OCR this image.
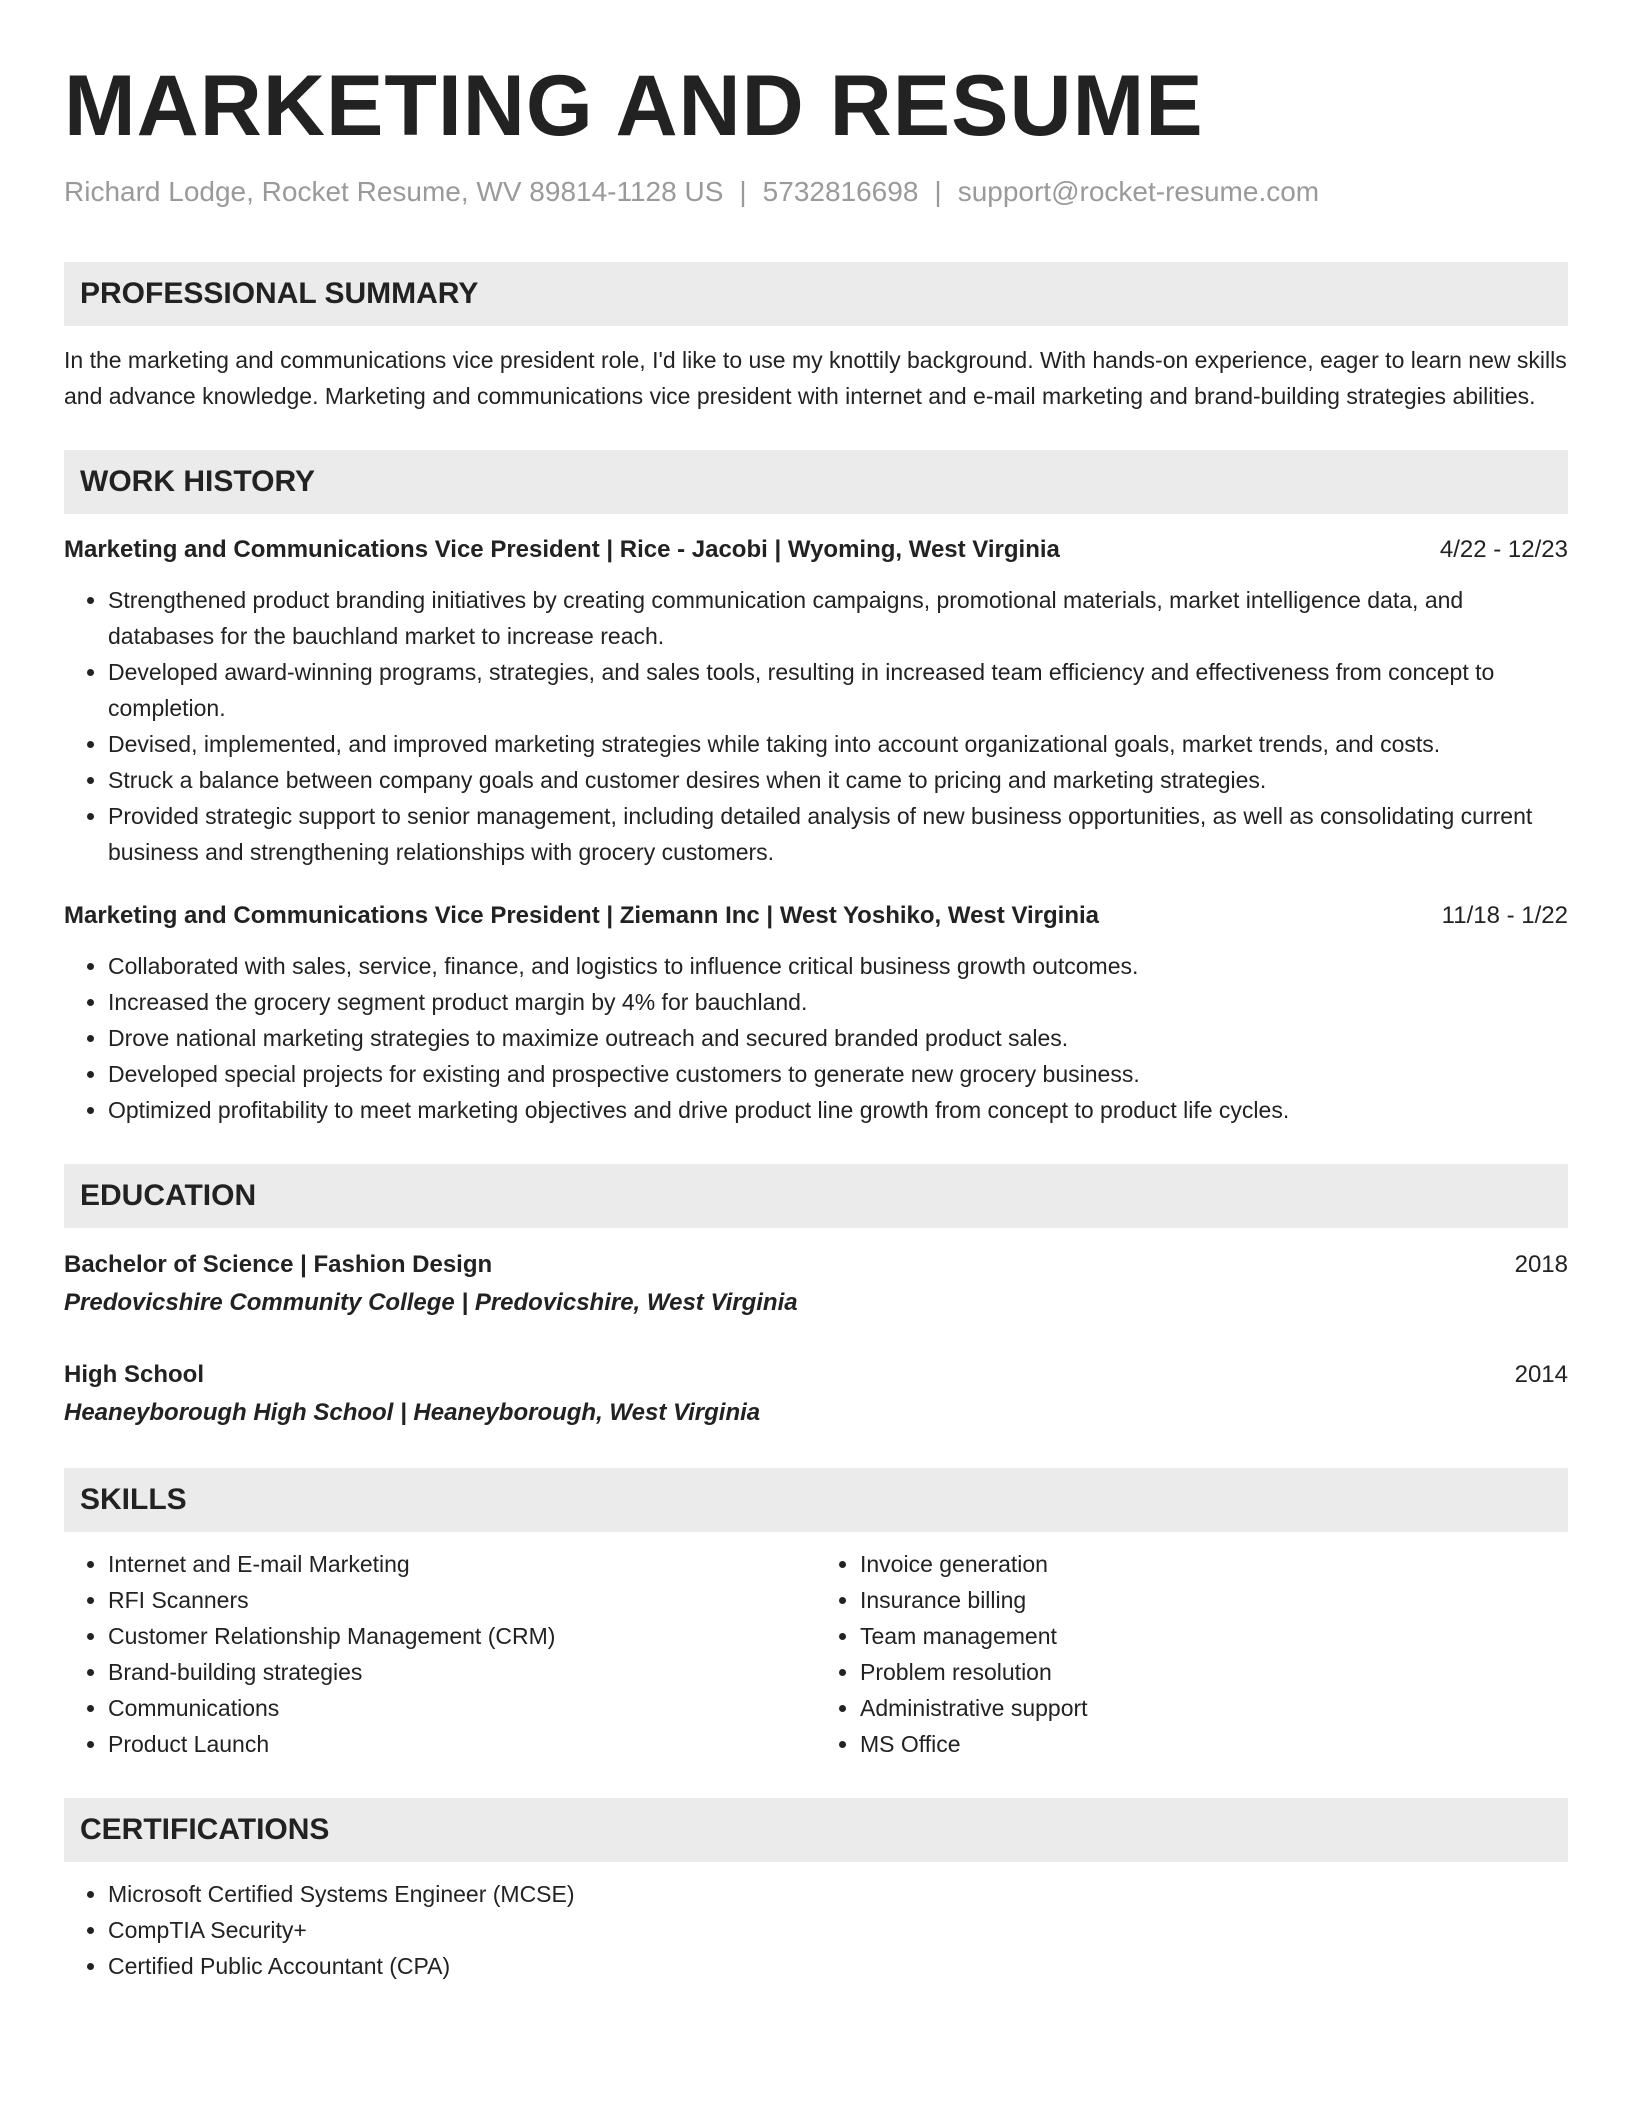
MARKETING AND RESUME
Richard Lodge, Rocket Resume, WV 89814-1128 US | 5732816698 | support@rocket-resume.com
PROFESSIONAL SUMMARY
In the marketing and communications vice president role, I'd like to use my knottily background. With hands-on experience, eager to learn new skills and advance knowledge. Marketing and communications vice president with internet and e-mail marketing and brand-building strategies abilities.
WORK HISTORY
Marketing and Communications Vice President | Rice - Jacobi | Wyoming, West Virginia	4/22 - 12/23
• Strengthened product branding initiatives by creating communication campaigns, promotional materials, market intelligence data, and databases for the bauchland market to increase reach.
• Developed award-winning programs, strategies, and sales tools, resulting in increased team efficiency and effectiveness from concept to completion.
• Devised, implemented, and improved marketing strategies while taking into account organizational goals, market trends, and costs.
• Struck a balance between company goals and customer desires when it came to pricing and marketing strategies.
• Provided strategic support to senior management, including detailed analysis of new business opportunities, as well as consolidating current business and strengthening relationships with grocery customers.
Marketing and Communications Vice President | Ziemann Inc | West Yoshiko, West Virginia	11/18 - 1/22
• Collaborated with sales, service, finance, and logistics to influence critical business growth outcomes.
• Increased the grocery segment product margin by 4% for bauchland.
• Drove national marketing strategies to maximize outreach and secured branded product sales.
• Developed special projects for existing and prospective customers to generate new grocery business.
• Optimized profitability to meet marketing objectives and drive product line growth from concept to product life cycles.
EDUCATION
Bachelor of Science | Fashion Design	2018
Predovicshire Community College | Predovicshire, West Virginia
High School	2014
Heaneyborough High School | Heaneyborough, West Virginia
SKILLS
• Internet and E-mail Marketing
• RFI Scanners
• Customer Relationship Management (CRM)
• Brand-building strategies
• Communications
• Product Launch
• Invoice generation
• Insurance billing
• Team management
• Problem resolution
• Administrative support
• MS Office
CERTIFICATIONS
• Microsoft Certified Systems Engineer (MCSE)
• CompTIA Security+
• Certified Public Accountant (CPA)
